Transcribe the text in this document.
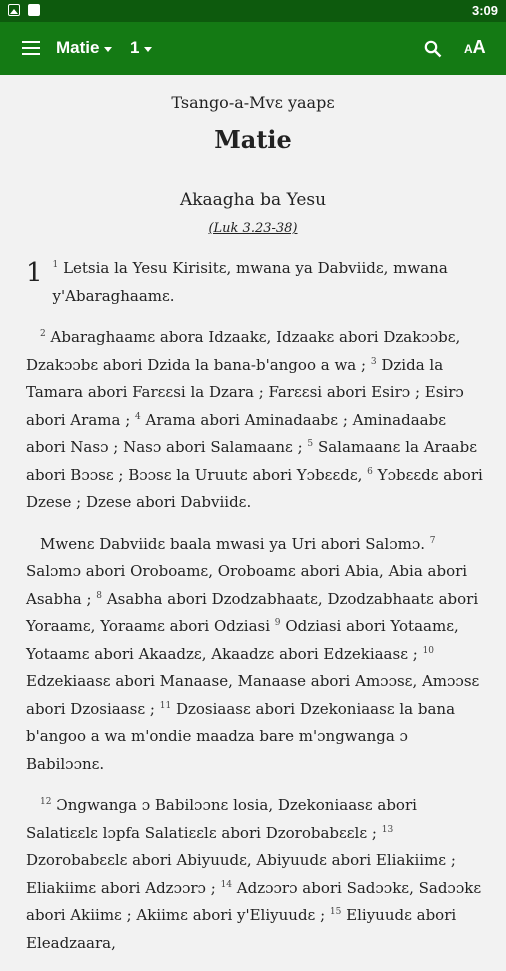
3:09
Matie 1	AA
Tsango-a-Mvɛ yaapɛ
Matie
Akaagha ba Yesu
(Luk 3.23-38)

1 $^1$ Letsia la Yesu Kirisitɛ, mwana ya Dabviidɛ, mwana y'Abaraghaamɛ.

$^2$ Abaraghaamɛ abora Idzaakɛ, Idzaakɛ abori Dzakɔɔbɛ, Dzakɔɔbɛ abori Dzida la bana-b'angoo a wa ; $^3$ Dzida la Tamara abori Farɛɛsi la Dzara ; Farɛɛsi abori Esirɔ ; Esirɔ abori Arama ; $^4$ Arama abori Aminadaabɛ ; Aminadaabɛ abori Nasɔ ; Nasɔ abori Salamaanɛ ; $^5$ Salamaanɛ la Araabɛ abori Bɔɔsɛ ; Bɔɔsɛ la Uruutɛ abori Yɔbɛɛdɛ, $^6$ Yɔbɛɛdɛ abori Dzese ; Dzese abori Dabviidɛ.

Mwenɛ Dabviidɛ baala mwasi ya Uri abori Salɔmɔ. $^7$ Salɔmɔ abori Oroboamɛ, Oroboamɛ abori Abia, Abia abori Asabha ; $^8$ Asabha abori Dzodzabhaatɛ, Dzodzabhaatɛ abori Yoraamɛ, Yoraamɛ abori Odziasi $^9$ Odziasi abori Yotaamɛ, Yotaamɛ abori Akaadzɛ, Akaadzɛ abori Edzekiaasɛ ; $^{10}$ Edzekiaasɛ abori Manaase, Manaase abori Amɔɔsɛ, Amɔɔsɛ abori Dzosiaasɛ ; $^{11}$ Dzosiaasɛ abori Dzekoniaasɛ la bana b'angoo a wa m'ondie maadza bare m'ɔngwanga ɔ Babilɔɔnɛ.

$^{12}$ Ɔngwanga ɔ Babilɔɔnɛ losia, Dzekoniaasɛ abori Salatiɛɛlɛ lɔpfa Salatiɛɛlɛ abori Dzorobabɛɛlɛ ; $^{13}$ Dzorobabɛɛlɛ abori Abiyuudɛ, Abiyuudɛ abori Eliakiimɛ ; Eliakiimɛ abori Adzɔɔrɔ ; $^{14}$ Adzɔɔrɔ abori Sadɔɔkɛ, Sadɔɔkɛ abori Akiimɛ ; Akiimɛ abori y'Eliyuudɛ ; $^{15}$ Eliyuudɛ abori Eleadzaara,
